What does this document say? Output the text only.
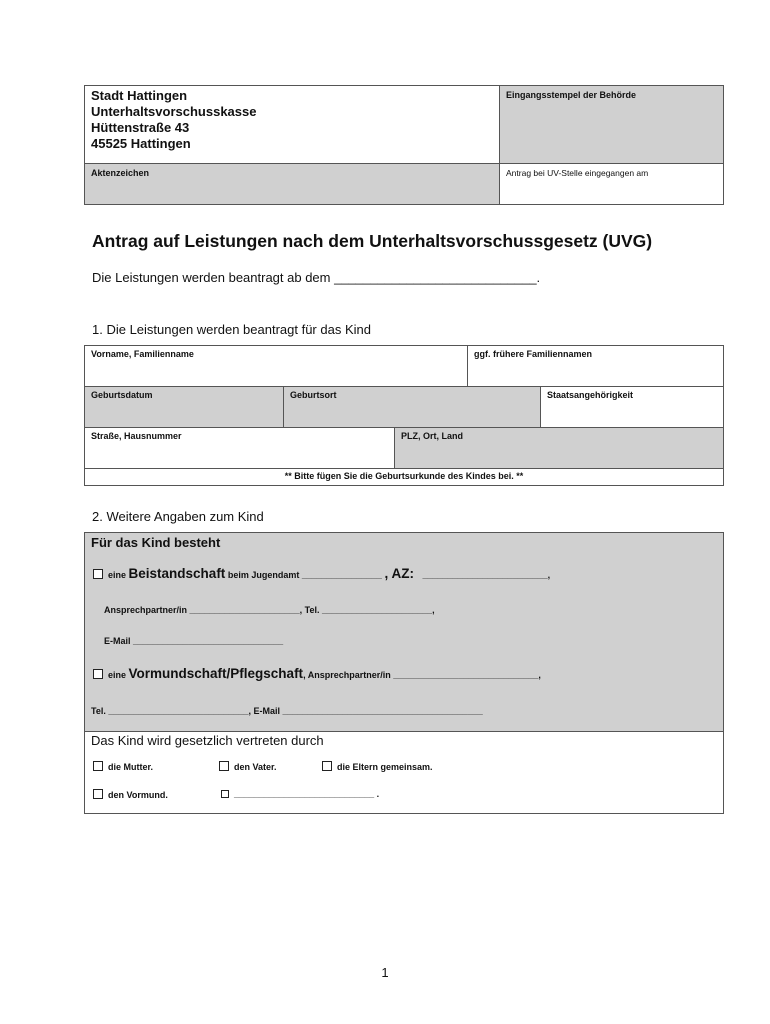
Stadt Hattingen
Unterhaltsvorschusskasse
Hüttenstraße 43
45525 Hattingen
Eingangsstempel der Behörde
Aktenzeichen	Antrag bei UV-Stelle eingegangen am
Antrag auf Leistungen nach dem Unterhaltsvorschussgesetz (UVG)
Die Leistungen werden beantragt ab dem ____________________________.
1. Die Leistungen werden beantragt für das Kind
Vorname, Familienname	ggf. frühere Familiennamen
Geburtsdatum	Geburtsort	Staatsangehörigkeit
Straße, Hausnummer	PLZ, Ort, Land
** Bitte fügen Sie die Geburtsurkunde des Kindes bei. **
2. Weitere Angaben zum Kind
Für das Kind besteht
eine Beistandschaft beim Jugendamt ________________ , AZ: _________________________,
Ansprechpartner/in ______________________, Tel. ______________________,
E-Mail ______________________________
eine Vormundschaft/Pflegschaft, Ansprechpartner/in _____________________________,
Tel. ____________________________, E-Mail ________________________________________
Das Kind wird gesetzlich vertreten durch
die Mutter.	den Vater.	die Eltern gemeinsam.
den Vormund.	____________________________ .
1
